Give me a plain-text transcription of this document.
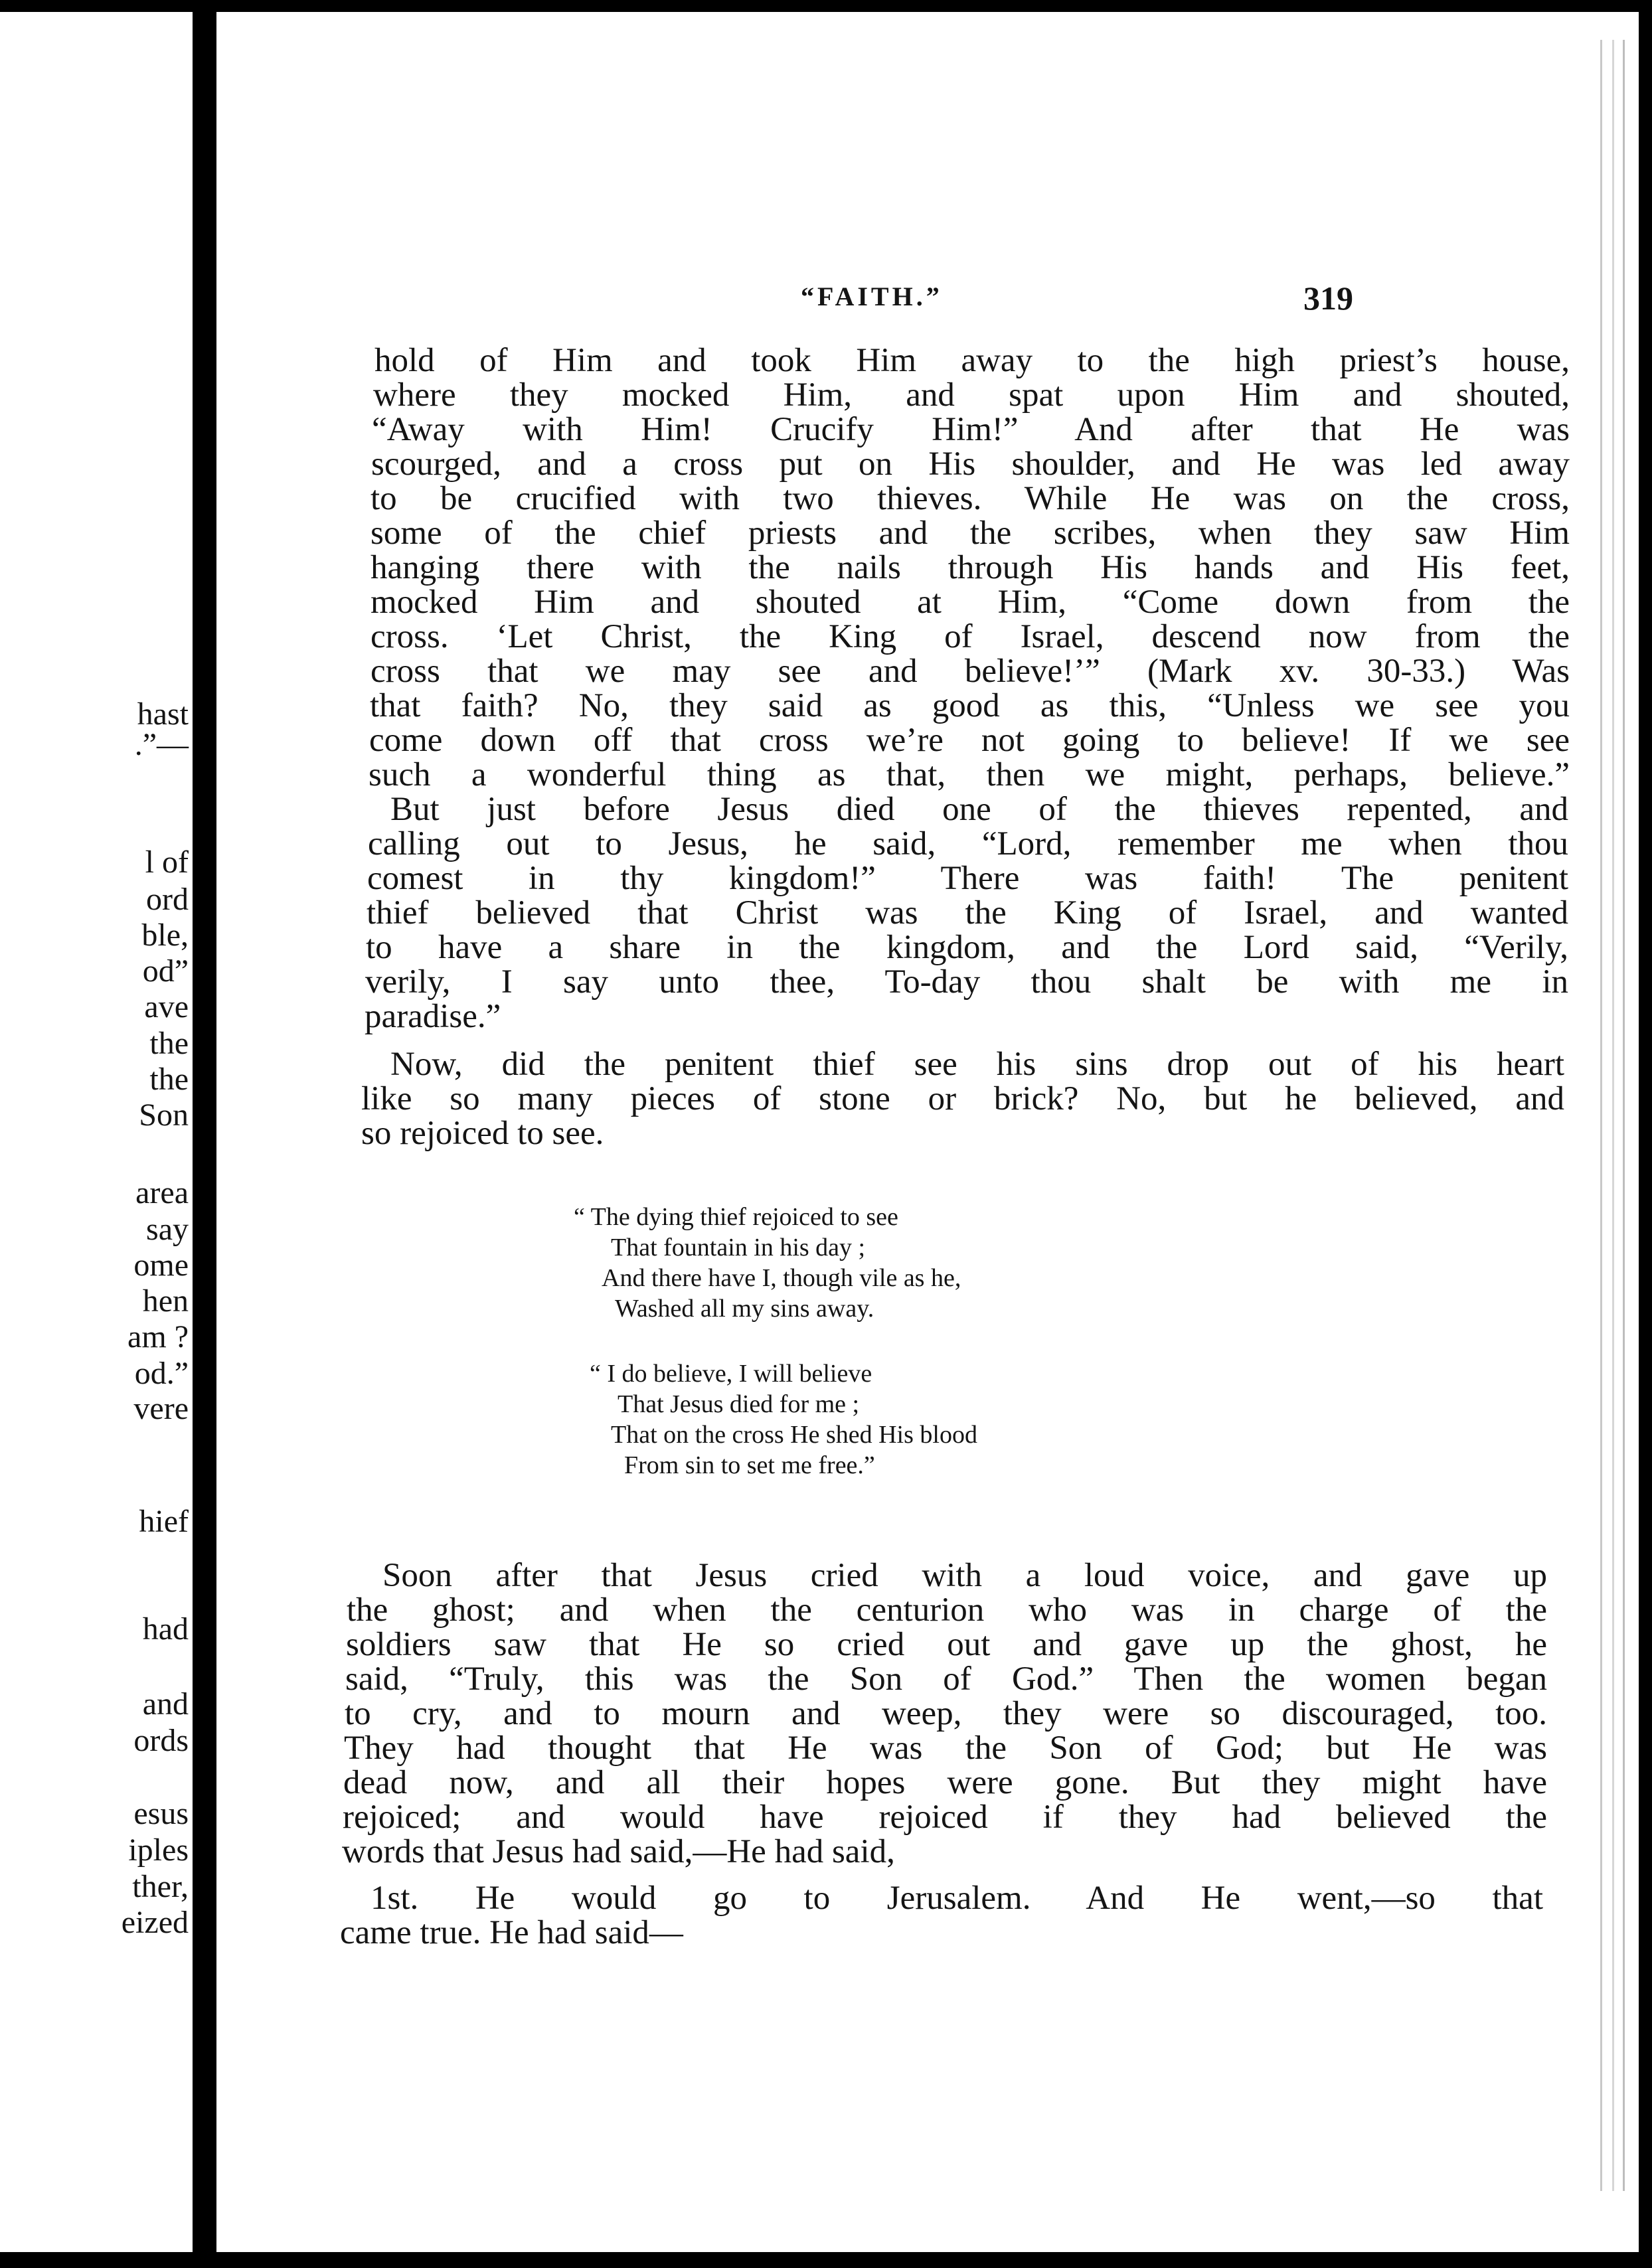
hast
.”—
l of
ord
ble,
od”
ave
the
the
Son
area
say
ome
hen
am ?
od.”
vere
hief
had
and
ords
esus
iples
ther,
eized
“FAITH.”	319
hold of Him and took Him away to the high priest’s house,
where they mocked Him, and spat upon Him and shouted,
“Away with Him! Crucify Him!” And after that He was
scourged, and a cross put on His shoulder, and He was led away
to be crucified with two thieves. While He was on the cross,
some of the chief priests and the scribes, when they saw Him
hanging there with the nails through His hands and His feet,
mocked Him and shouted at Him, “Come down from the
cross. ‘Let Christ, the King of Israel, descend now from the
cross that we may see and believe!’” (Mark xv. 30-33.) Was
that faith? No, they said as good as this, “Unless we see you
come down off that cross we’re not going to believe! If we see
such a wonderful thing as that, then we might, perhaps, believe.”
But just before Jesus died one of the thieves repented, and
calling out to Jesus, he said, “Lord, remember me when thou
comest in thy kingdom!” There was faith! The penitent
thief believed that Christ was the King of Israel, and wanted
to have a share in the kingdom, and the Lord said, “Verily,
verily, I say unto thee, To-day thou shalt be with me in
paradise.”
Now, did the penitent thief see his sins drop out of his heart
like so many pieces of stone or brick? No, but he believed, and
so rejoiced to see.
“ The dying thief rejoiced to see
That fountain in his day ;
And there have I, though vile as he,
Washed all my sins away.
“ I do believe, I will believe
That Jesus died for me ;
That on the cross He shed His blood
From sin to set me free.”
Soon after that Jesus cried with a loud voice, and gave up
the ghost; and when the centurion who was in charge of the
soldiers saw that He so cried out and gave up the ghost, he
said, “Truly, this was the Son of God.” Then the women began
to cry, and to mourn and weep, they were so discouraged, too.
They had thought that He was the Son of God; but He was
dead now, and all their hopes were gone. But they might have
rejoiced; and would have rejoiced if they had believed the
words that Jesus had said,—He had said,
1st. He would go to Jerusalem. And He went,—so that
came true. He had said—
